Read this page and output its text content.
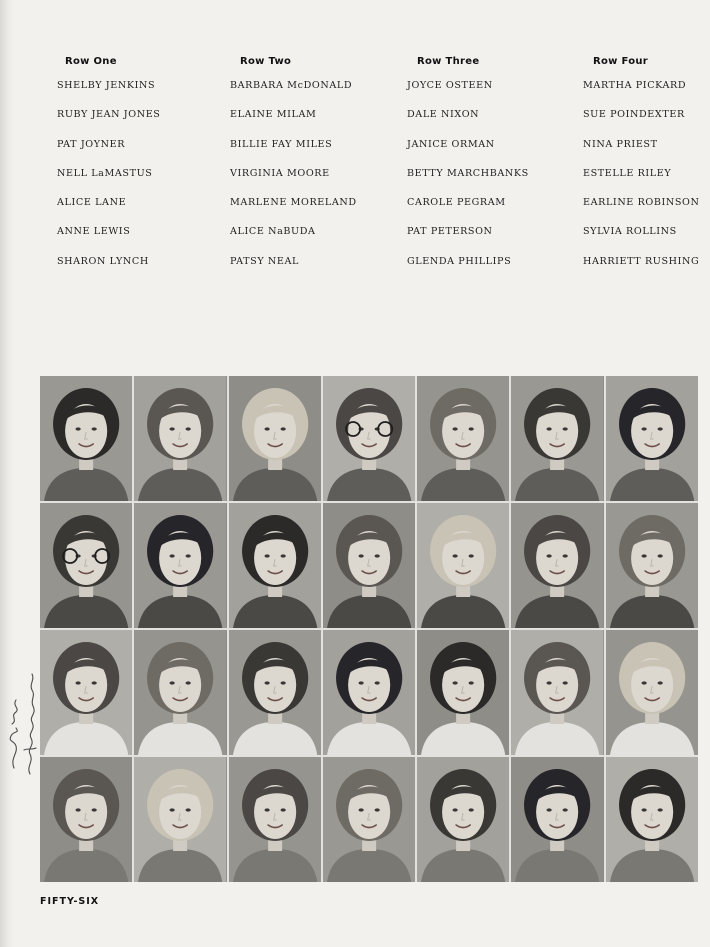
Row One
SHELBY JENKINS
RUBY JEAN JONES
PAT JOYNER
NELL LaMASTUS
ALICE LANE
ANNE LEWIS
SHARON LYNCH
Row Two
BARBARA McDONALD
ELAINE MILAM
BILLIE FAY MILES
VIRGINIA MOORE
MARLENE MORELAND
ALICE NaBUDA
PATSY NEAL
Row Three
JOYCE OSTEEN
DALE NIXON
JANICE ORMAN
BETTY MARCHBANKS
CAROLE PEGRAM
PAT PETERSON
GLENDA PHILLIPS
Row Four
MARTHA PICKARD
SUE POINDEXTER
NINA PRIEST
ESTELLE RILEY
EARLINE ROBINSON
SYLVIA ROLLINS
HARRIETT RUSHING
FIFTY-SIX
